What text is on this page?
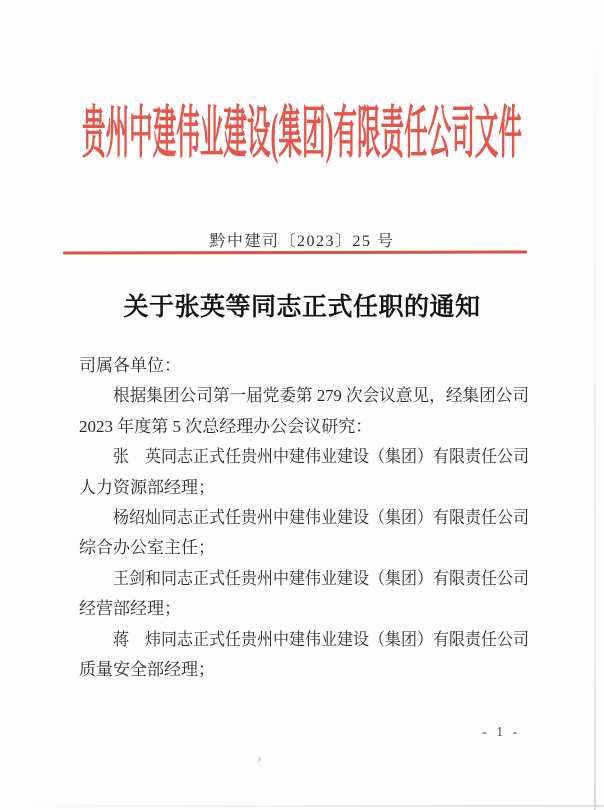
贵州中建伟业建设(集团)有限责任公司文件
黔中建司〔2023〕25 号
关于张英等同志正式任职的通知
司属各单位：
根据集团公司第一届党委第 279 次会议意见，经集团公司
2023 年度第 5 次总经理办公会议研究：
张　英同志正式任贵州中建伟业建设（集团）有限责任公司
人力资源部经理；
杨绍灿同志正式任贵州中建伟业建设（集团）有限责任公司
综合办公室主任；
王剑和同志正式任贵州中建伟业建设（集团）有限责任公司
经营部经理；
蒋　炜同志正式任贵州中建伟业建设（集团）有限责任公司
质量安全部经理；
- 1 -
